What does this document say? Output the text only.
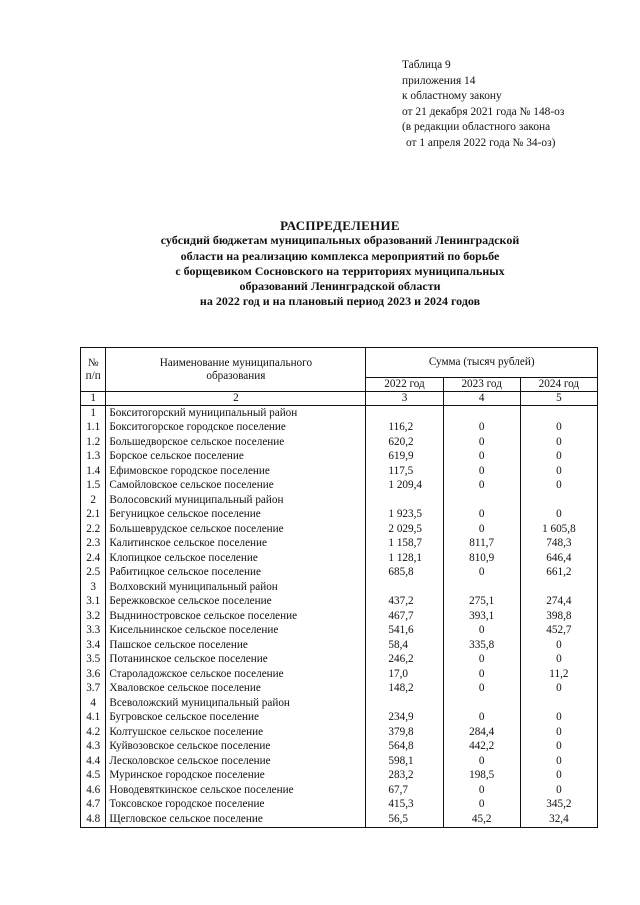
Таблица 9
приложения 14
к областному закону
от 21 декабря 2021 года № 148-оз
(в редакции областного закона
от 1 апреля 2022 года № 34-оз)
РАСПРЕДЕЛЕНИЕ
субсидий бюджетам муниципальных образований Ленинградской
области на реализацию комплекса мероприятий по борьбе
с борщевиком Сосновского на территориях муниципальных
образований Ленинградской области
на 2022 год и на плановый период 2023 и 2024 годов
№ п/п	Наименование муниципального образования	Сумма (тысяч рублей)		
		2022 год	2023 год	2024 год
1	2	3	4	5
1	Бокситогорский муниципальный район			
1.1	Бокситогорское городское поселение	116,2	0	0
1.2	Большедворское сельское поселение	620,2	0	0
1.3	Борское сельское поселение	619,9	0	0
1.4	Ефимовское городское поселение	117,5	0	0
1.5	Самойловское сельское поселение	1 209,4	0	0
2	Волосовский муниципальный район			
2.1	Бегуницкое сельское поселение	1 923,5	0	0
2.2	Большеврудское сельское поселение	2 029,5	0	1 605,8
2.3	Калитинское сельское поселение	1 158,7	811,7	748,3
2.4	Клопицкое сельское поселение	1 128,1	810,9	646,4
2.5	Рабитицкое сельское поселение	685,8	0	661,2
3	Волховский муниципальный район			
3.1	Бережковское сельское поселение	437,2	275,1	274,4
3.2	Выдниностровское сельское поселение	467,7	393,1	398,8
3.3	Кисельнинское сельское поселение	541,6	0	452,7
3.4	Пашское сельское поселение	58,4	335,8	0
3.5	Потанинское сельское поселение	246,2	0	0
3.6	Староладожское сельское поселение	17,0	0	11,2
3.7	Хваловское сельское поселение	148,2	0	0
4	Всеволожский муниципальный район			
4.1	Бугровское сельское поселение	234,9	0	0
4.2	Колтушское сельское поселение	379,8	284,4	0
4.3	Куйвозовское сельское поселение	564,8	442,2	0
4.4	Лесколовское сельское поселение	598,1	0	0
4.5	Муринское городское поселение	283,2	198,5	0
4.6	Новодевяткинское сельское поселение	67,7	0	0
4.7	Токсовское городское поселение	415,3	0	345,2
4.8	Щегловское сельское поселение	56,5	45,2	32,4
